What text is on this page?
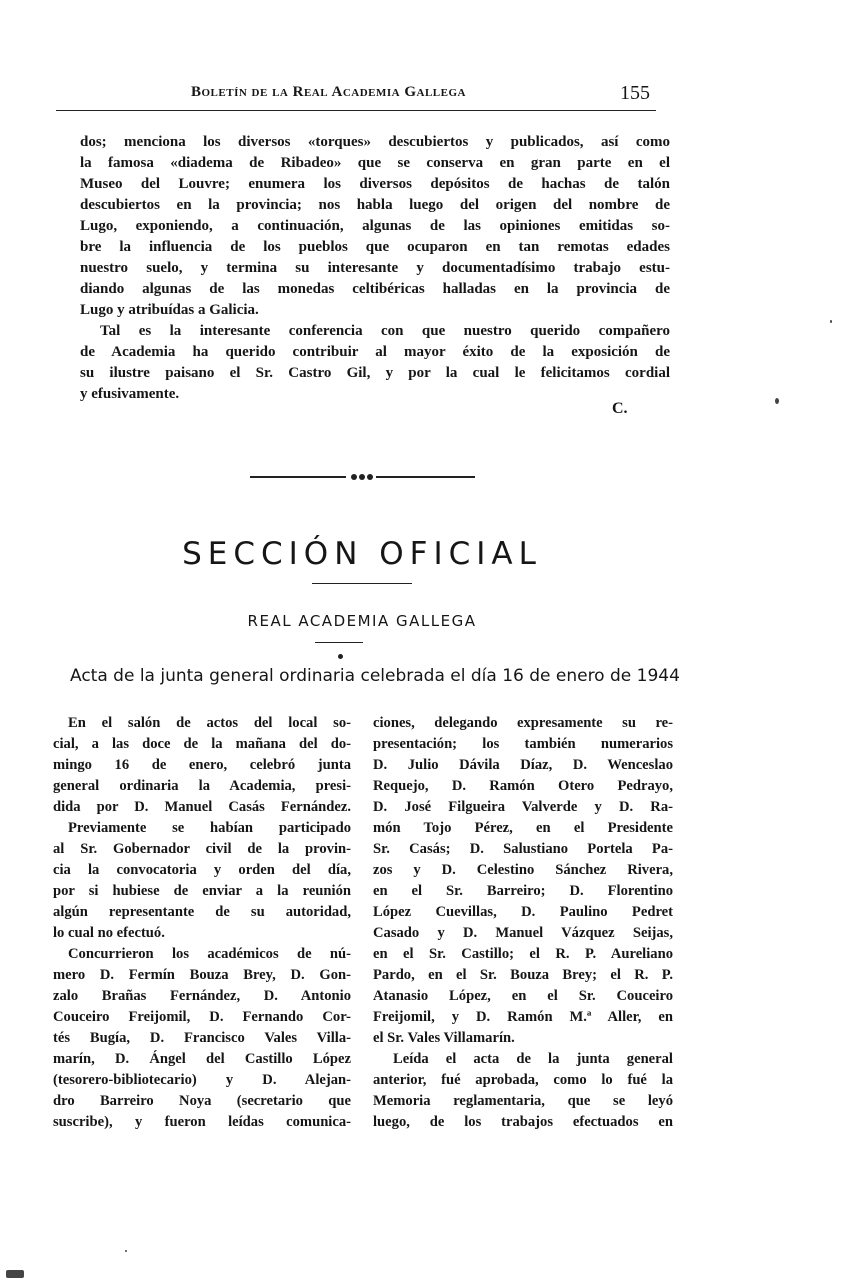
Boletín de la Real Academia Gallega	155
dos; menciona los diversos «torques» descubiertos y publicados, así como
la famosa «diadema de Ribadeo» que se conserva en gran parte en el
Museo del Louvre; enumera los diversos depósitos de hachas de talón
descubiertos en la provincia; nos habla luego del origen del nombre de
Lugo, exponiendo, a continuación, algunas de las opiniones emitidas so-
bre la influencia de los pueblos que ocuparon en tan remotas edades
nuestro suelo, y termina su interesante y documentadísimo trabajo estu-
diando algunas de las monedas celtibéricas halladas en la provincia de
Lugo y atribuídas a Galicia.
Tal es la interesante conferencia con que nuestro querido compañero
de Academia ha querido contribuir al mayor éxito de la exposición de
su ilustre paisano el Sr. Castro Gil, y por la cual le felicitamos cordial
y efusivamente.
C.
SECCIÓN OFICIAL
REAL ACADEMIA GALLEGA
Acta de la junta general ordinaria celebrada el día 16 de enero de 1944
En el salón de actos del local so-
cial, a las doce de la mañana del do-
mingo 16 de enero, celebró junta
general ordinaria la Academia, presi-
dida por D. Manuel Casás Fernández.
Previamente se habían participado
al Sr. Gobernador civil de la provin-
cia la convocatoria y orden del día,
por si hubiese de enviar a la reunión
algún representante de su autoridad,
lo cual no efectuó.
Concurrieron los académicos de nú-
mero D. Fermín Bouza Brey, D. Gon-
zalo Brañas Fernández, D. Antonio
Couceiro Freijomil, D. Fernando Cor-
tés Bugía, D. Francisco Vales Villa-
marín, D. Ángel del Castillo López
(tesorero-bibliotecario) y D. Alejan-
dro Barreiro Noya (secretario que
suscribe), y fueron leídas comunica-
ciones, delegando expresamente su re-
presentación; los también numerarios
D. Julio Dávila Díaz, D. Wenceslao
Requejo, D. Ramón Otero Pedrayo,
D. José Filgueira Valverde y D. Ra-
món Tojo Pérez, en el Presidente
Sr. Casás; D. Salustiano Portela Pa-
zos y D. Celestino Sánchez Rivera,
en el Sr. Barreiro; D. Florentino
López Cuevillas, D. Paulino Pedret
Casado y D. Manuel Vázquez Seijas,
en el Sr. Castillo; el R. P. Aureliano
Pardo, en el Sr. Bouza Brey; el R. P.
Atanasio López, en el Sr. Couceiro
Freijomil, y D. Ramón M.ª Aller, en
el Sr. Vales Villamarín.
Leída el acta de la junta general
anterior, fué aprobada, como lo fué la
Memoria reglamentaria, que se leyó
luego, de los trabajos efectuados en
